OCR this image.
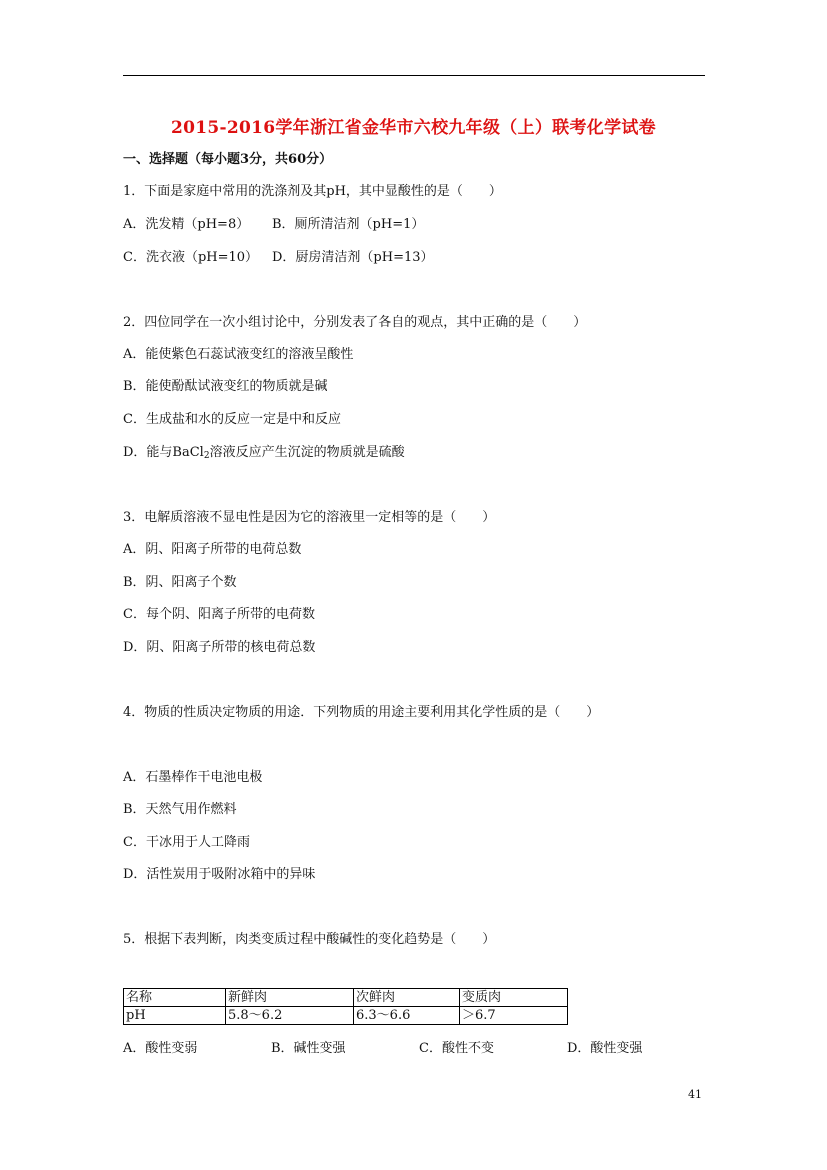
2015-2016学年浙江省金华市六校九年级（上）联考化学试卷
一、选择题（每小题3分，共60分）
1．下面是家庭中常用的洗涤剂及其pH，其中显酸性的是（　　）
A．洗发精（pH=8） B．厕所清洁剂（pH=1）
C．洗衣液（pH=10） D．厨房清洁剂（pH=13）
2．四位同学在一次小组讨论中，分别发表了各自的观点，其中正确的是（　　）
A．能使紫色石蕊试液变红的溶液呈酸性
B．能使酚酞试液变红的物质就是碱
C．生成盐和水的反应一定是中和反应
D．能与BaCl$_2$溶液反应产生沉淀的物质就是硫酸
3．电解质溶液不显电性是因为它的溶液里一定相等的是（　　）
A．阴、阳离子所带的电荷总数
B．阴、阳离子个数
C．每个阴、阳离子所带的电荷数
D．阴、阳离子所带的核电荷总数
4．物质的性质决定物质的用途．下列物质的用途主要利用其化学性质的是（　　）
A．石墨棒作干电池电极
B．天然气用作燃料
C．干冰用于人工降雨
D．活性炭用于吸附冰箱中的异味
5．根据下表判断，肉类变质过程中酸碱性的变化趋势是（　　）
名称	新鲜肉	次鲜肉	变质肉
pH	5.8～6.2	6.3～6.6	＞6.7
A．酸性变弱	B．碱性变强	C．酸性不变	D．酸性变强
41
